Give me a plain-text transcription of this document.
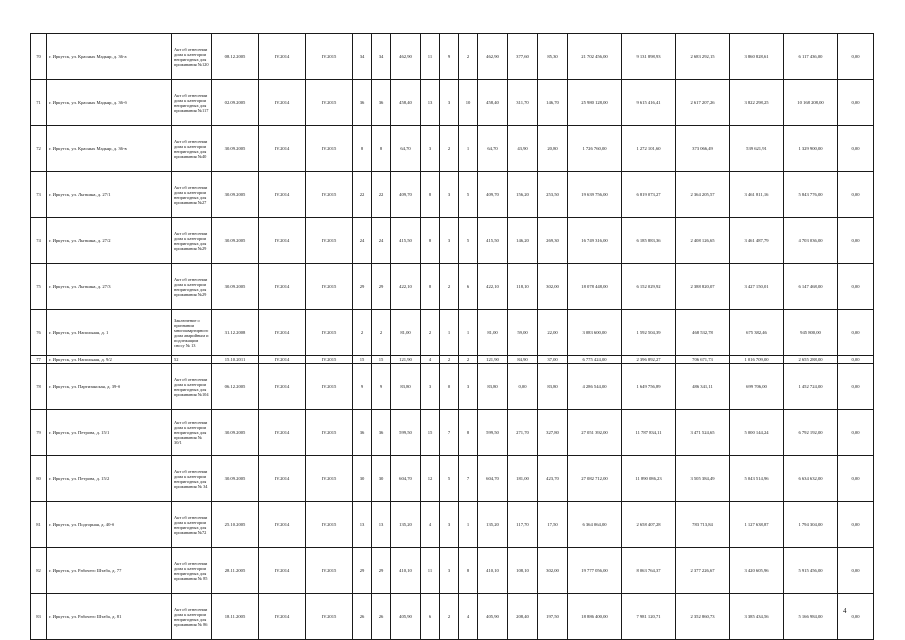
70	г. Иркутск, ул. Красных Мадьяр, д. 36-а	Акт об отнесении дома к категории непригодных для проживания №120	08.12.2005	IV.2014	IV.2015	34	34	462,90	11	9	2	462,90	377,60	85,30	21 702 456,00	9 131 898,93	2 683 292,15	3 860 828,61	6 117 436,00	0,00
71	г. Иркутск, ул. Красных Мадьяр, д. 36-б	Акт об отнесении дома к категории непригодных для проживания №117	02.09.2005	IV.2014	IV.2015	36	36	458,40	13	3	10	458,40	311,70	146,70	25 980 128,00	9 615 416,41	2 617 207,26	3 822 298,25	10 168 208,00	0,00
72	г. Иркутск, ул. Красных Мадьяр, д. 36-в	Акт об отнесении дома к категории непригодных для проживания №40	30.09.2005	IV.2014	IV.2015	8	8	64,70	3	2	1	64,70	43,90	20,80	1 726 760,00	1 272 101,60	373 066,49	539 621,91	1 329 900,00	0,00
73	г. Иркутск, ул. Лыткина, д. 27/1	Акт об отнесении дома к категории непригодных для проживания №27	30.09.2005	IV.2014	IV.2015	22	22	409,70	8	3	5	409,70	156,20	253,50	19 639 756,00	6 819 073,27	2 364 205,57	3 461 811,16	5 843 776,00	0,00
74	г. Иркутск, ул. Лыткина, д. 27/2	Акт об отнесении дома к категории непригодных для проживания №29	30.09.2005	IV.2014	IV.2015	24	24	415,50	8	3	5	415,50	146,20	269,30	16 749 316,00	6 185 883,36	2 408 126,65	3 461 487,79	4 703 036,00	0,00
75	г. Иркутск, ул. Лыткина, д. 27/3	Акт об отнесении дома к категории непригодных для проживания №29	30.09.2005	IV.2014	IV.2015	29	29	422,10	8	2	6	422,10	118,10	302,00	18 078 448,00	6 152 029,92	2 388 820,07	3 427 150,01	6 147 468,00	0,00
76	г. Иркутск, ул. Напольная, д. 1	Заключение о признании многоквартирного дома аварийным и подлежащим сносу № 13	31.12.2008	IV.2014	IV.2015	2	2	81,00	2	1	1	81,00	59,00	22,00	3 083 600,00	1 592 504,39	468 532,78	675 382,46	945 800,00	0,00
77	г. Иркутск, ул. Напольная, д. 9/2	52	15.10.2011	IV.2014	IV.2015	15	15	121,90	4	2	2	121,90	84,90	37,00	6 775 424,00	2 396 892,27	706 671,73	1 016 709,00	2 655 288,00	0,00
78	г. Иркутск, ул. Партизанская, д. 39-б	Акт об отнесении дома к категории непригодных для проживания №104	06.12.2005	IV.2014	IV.2015	9	9	83,80	3	0	3	83,80	0,00	83,80	4 286 544,00	1 649 756,89	486 341,11	699 706,00	1 452 724,00	0,00
79	г. Иркутск, ул. Петрова, д. 15/1	Акт об отнесении дома к категории непригодных для проживания № 30/1	30.09.2005	IV.2014	IV.2015	36	36	599,50	15	7	8	599,50	271,70	327,80	27 051 392,00	11 787 834,11	3 471 524,65	5 000 144,24	6 792 192,00	0,00
80	г. Иркутск, ул. Петрова, д. 15/2	Акт об отнесении дома к категории непригодных для проживания № 34	30.09.2005	IV.2014	IV.2015	30	30	604,70	12	5	7	604,70	181,00	423,70	27 082 712,00	11 890 086,23	3 505 384,49	5 043 514,96	6 634 632,00	0,00
81	г. Иркутск, ул. Подгорная, д. 40-б	Акт об отнесении дома к категории непригодных для проживания №72	25.10.2005	IV.2014	IV.2015	13	13	135,20	4	3	1	135,20	117,70	17,50	6 364 064,00	2 658 407,28	783 713,84	1 127 638,87	1 794 304,00	0,00
82	г. Иркутск, ул. Рабочего Штаба, д. 77	Акт об отнесении дома к категории непригодных для проживания № 85	28.11.2005	IV.2014	IV.2015	29	29	410,10	11	3	8	410,10	108,10	302,00	19 777 056,00	8 063 764,37	2 377 226,67	3 420 605,96	5 915 456,00	0,00
83	г. Иркутск, ул. Рабочего Штаба, д. 81	Акт об отнесении дома к категории непригодных для проживания № 86	18.11.2005	IV.2014	IV.2015	26	26	405,90	6	2	4	405,90	208,40	197,50	18 886 400,00	7 981 120,71	2 352 860,73	3 385 434,56	5 166 984,00	0,00
4
